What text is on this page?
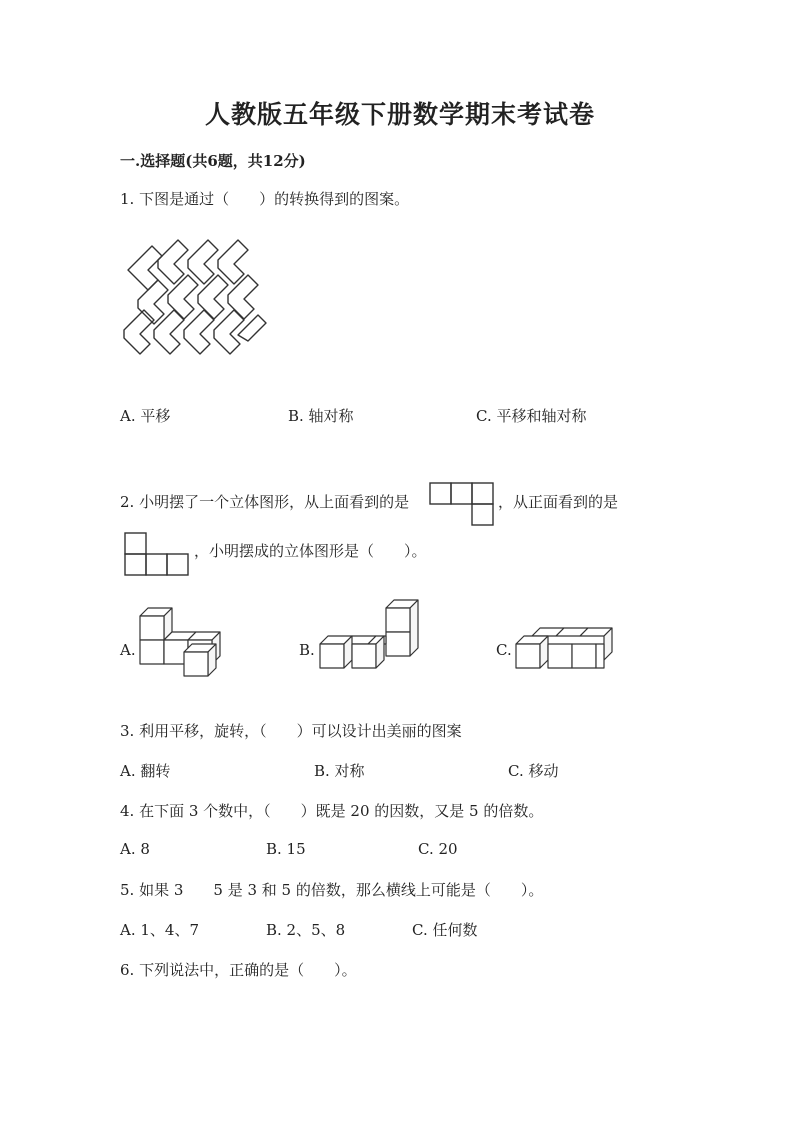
人教版五年级下册数学期末考试卷
一.选择题(共6题，共12分)
1. 下图是通过（　　）的转换得到的图案。
A. 平移	B. 轴对称	C. 平移和轴对称
2. 小明摆了一个立体图形，从上面看到的是	，从正面看到的是
，小明摆成的立体图形是（　　）。
A.	B.	C.
3. 利用平移，旋转，（　　）可以设计出美丽的图案
A. 翻转	B. 对称	C. 移动
4. 在下面 3 个数中，（　　）既是 20 的因数，又是 5 的倍数。
A. 8	B. 15	C. 20
5. 如果 3　　5 是 3 和 5 的倍数，那么横线上可能是（　　）。
A. 1、4、7	B. 2、5、8	C. 任何数
6. 下列说法中，正确的是（　　）。
